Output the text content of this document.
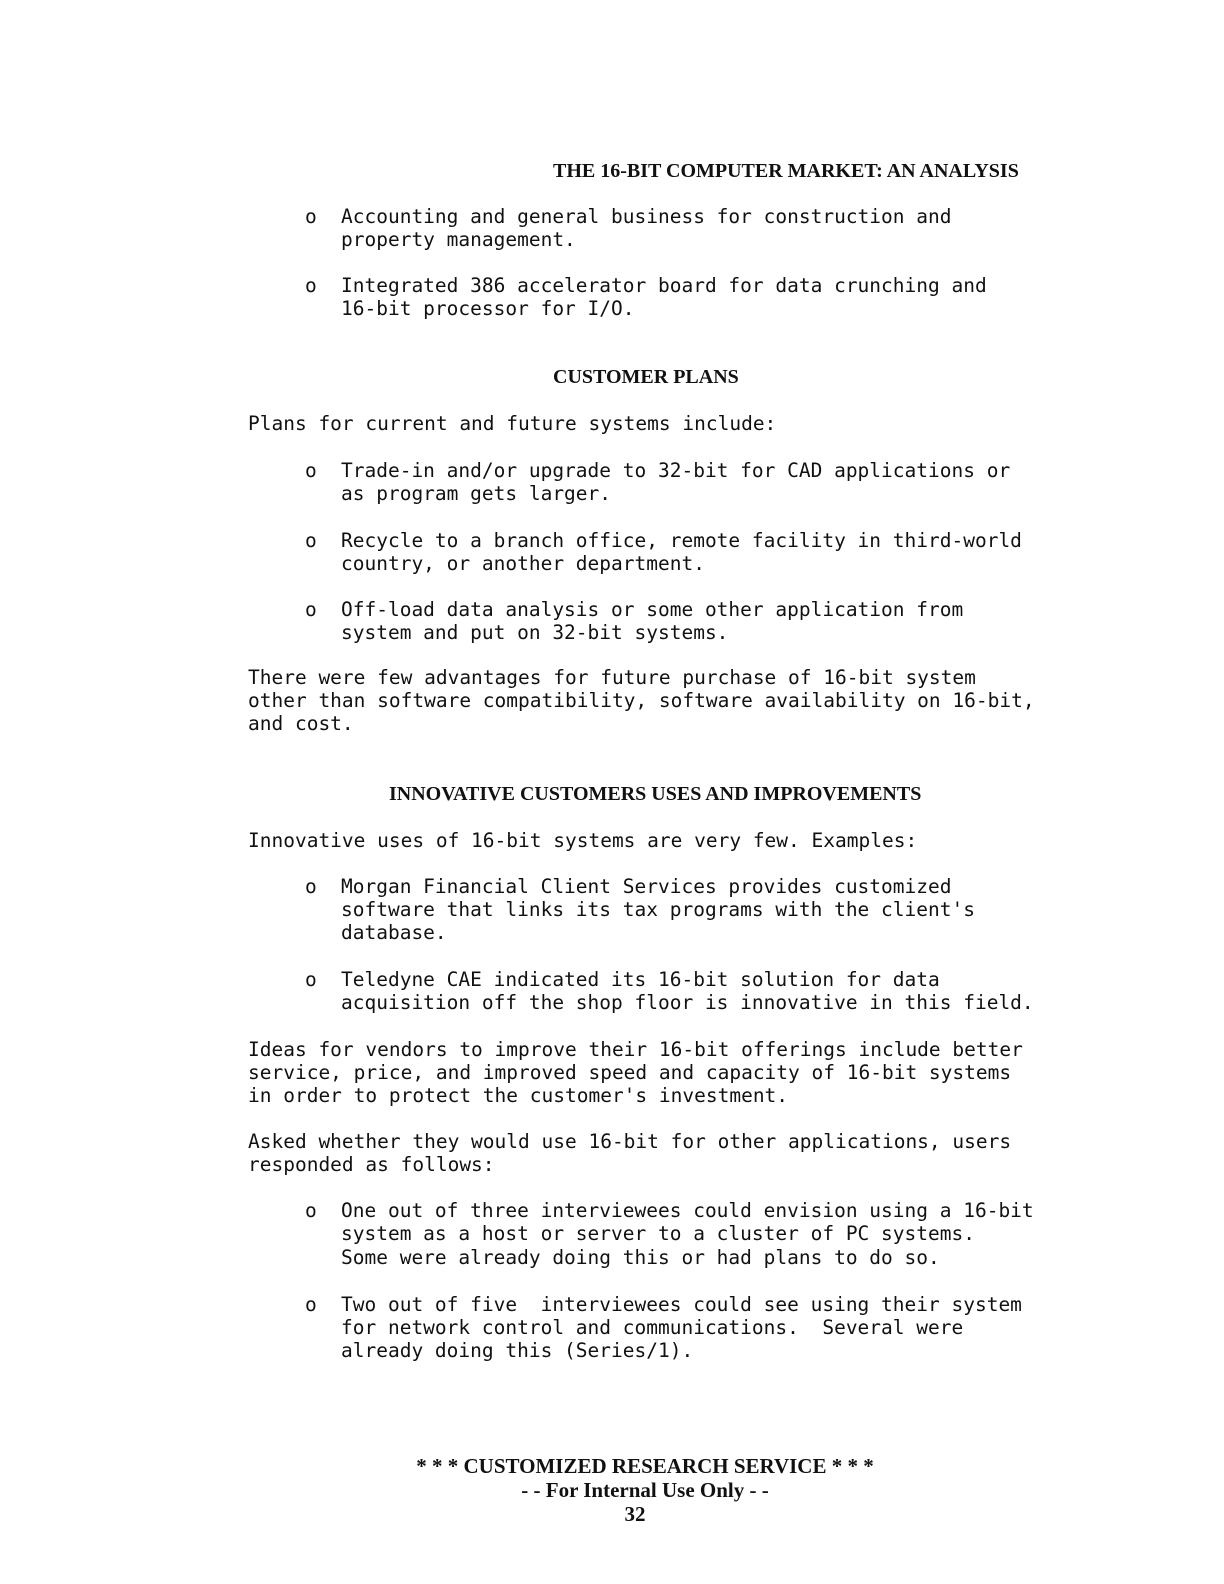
THE 16-BIT COMPUTER MARKET: AN ANALYSIS
o Accounting and general business for construction and
property management.
o Integrated 386 accelerator board for data crunching and
16-bit processor for I/O.
CUSTOMER PLANS
Plans for current and future systems include:
o Trade-in and/or upgrade to 32-bit for CAD applications or
as program gets larger.
o Recycle to a branch office, remote facility in third-world
country, or another department.
o Off-load data analysis or some other application from
system and put on 32-bit systems.
There were few advantages for future purchase of 16-bit system
other than software compatibility, software availability on 16-bit,
and cost.
INNOVATIVE CUSTOMERS USES AND IMPROVEMENTS
Innovative uses of 16-bit systems are very few. Examples:
o Morgan Financial Client Services provides customized
software that links its tax programs with the client's
database.
o Teledyne CAE indicated its 16-bit solution for data
acquisition off the shop floor is innovative in this field.
Ideas for vendors to improve their 16-bit offerings include better
service, price, and improved speed and capacity of 16-bit systems
in order to protect the customer's investment.
Asked whether they would use 16-bit for other applications, users
responded as follows:
o One out of three interviewees could envision using a 16-bit
system as a host or server to a cluster of PC systems.
Some were already doing this or had plans to do so.
o Two out of five  interviewees could see using their system
for network control and communications.  Several were
already doing this (Series/1).
* * * CUSTOMIZED RESEARCH SERVICE * * *
- - For Internal Use Only - -
32
